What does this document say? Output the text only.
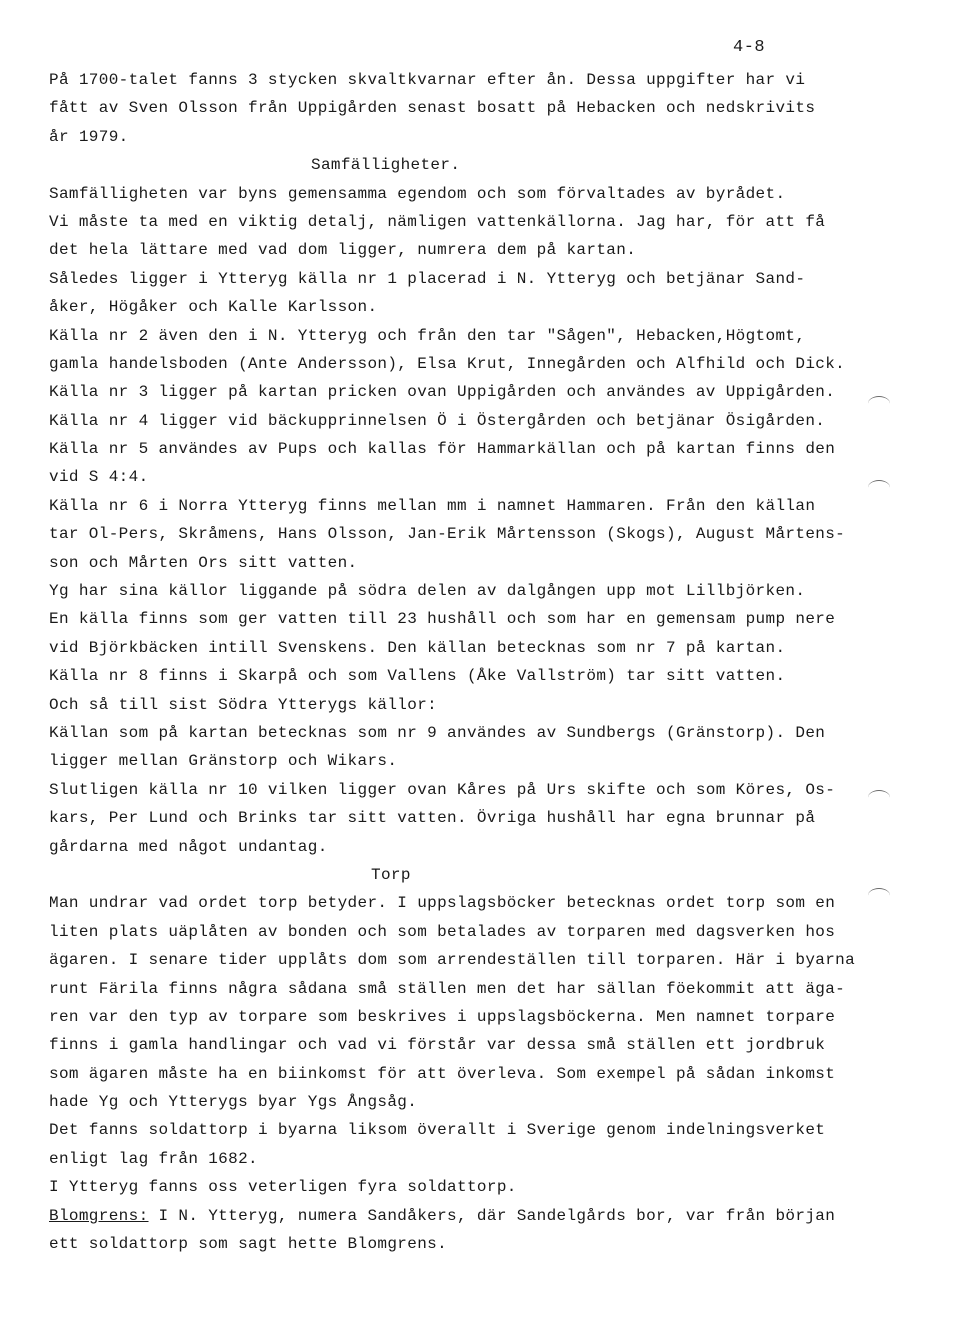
4-8
På 1700-talet fanns 3 stycken skvaltkvarnar efter ån. Dessa uppgifter har vi
fått av Sven Olsson från Uppigården senast bosatt på Hebacken och nedskrivits
år 1979.
Samfälligheter.
Samfälligheten var byns gemensamma egendom och som förvaltades av byrådet.
Vi måste ta med en viktig detalj, nämligen vattenkällorna. Jag har, för att få
det hela lättare med vad dom ligger, numrera dem på kartan.
Således ligger i Ytteryg källa nr 1 placerad i N. Ytteryg och betjänar Sand-
åker, Högåker och Kalle Karlsson.
Källa nr 2 även den i N. Ytteryg och från den tar "Sågen", Hebacken,Högtomt,
gamla handelsboden (Ante Andersson), Elsa Krut, Innegården och Alfhild och Dick.
Källa nr 3 ligger på kartan pricken ovan Uppigården och användes av Uppigården.
Källa nr 4 ligger vid bäckupprinnelsen Ö i Östergården och betjänar Ösigården.
Källa nr 5 användes av Pups och kallas för Hammarkällan och på kartan finns den
vid S 4:4.
Källa nr 6 i Norra Ytteryg finns mellan mm i namnet Hammaren. Från den källan
tar Ol-Pers, Skråmens, Hans Olsson, Jan-Erik Mårtensson (Skogs), August Mårtens-
son och Mårten Ors sitt vatten.
Yg har sina källor liggande på södra delen av dalgången upp mot Lillbjörken.
En källa finns som ger vatten till 23 hushåll och som har en gemensam pump nere
vid Björkbäcken intill Svenskens. Den källan betecknas som nr 7 på kartan.
Källa nr 8 finns i Skarpå och som Vallens (Åke Vallström) tar sitt vatten.
Och så till sist Södra Ytterygs källor:
Källan som på kartan betecknas som nr 9 användes av Sundbergs (Gränstorp). Den
ligger mellan Gränstorp och Wikars.
Slutligen källa nr 10 vilken ligger ovan Kåres på Urs skifte och som Köres, Os-
kars, Per Lund och Brinks tar sitt vatten. Övriga hushåll har egna brunnar på
gårdarna med något undantag.
Torp
Man undrar vad ordet torp betyder. I uppslagsböcker betecknas ordet torp som en
liten plats uäplåten av bonden och som betalades av torparen med dagsverken hos
ägaren. I senare tider upplåts dom som arrendeställen till torparen. Här i byarna
runt Färila finns några sådana små ställen men det har sällan föekommit att äga-
ren var den typ av torpare som beskrives i uppslagsböckerna. Men namnet torpare
finns i gamla handlingar och vad vi förstår var dessa små ställen ett jordbruk
som ägaren måste ha en biinkomst för att överleva. Som exempel på sådan inkomst
hade Yg och Ytterygs byar Ygs Ångsåg.
Det fanns soldattorp i byarna liksom överallt i Sverige genom indelningsverket
enligt lag från 1682.
I Ytteryg fanns oss veterligen fyra soldattorp.
Blomgrens: I N. Ytteryg, numera Sandåkers, där Sandelgårds bor, var från början
ett soldattorp som sagt hette Blomgrens.
